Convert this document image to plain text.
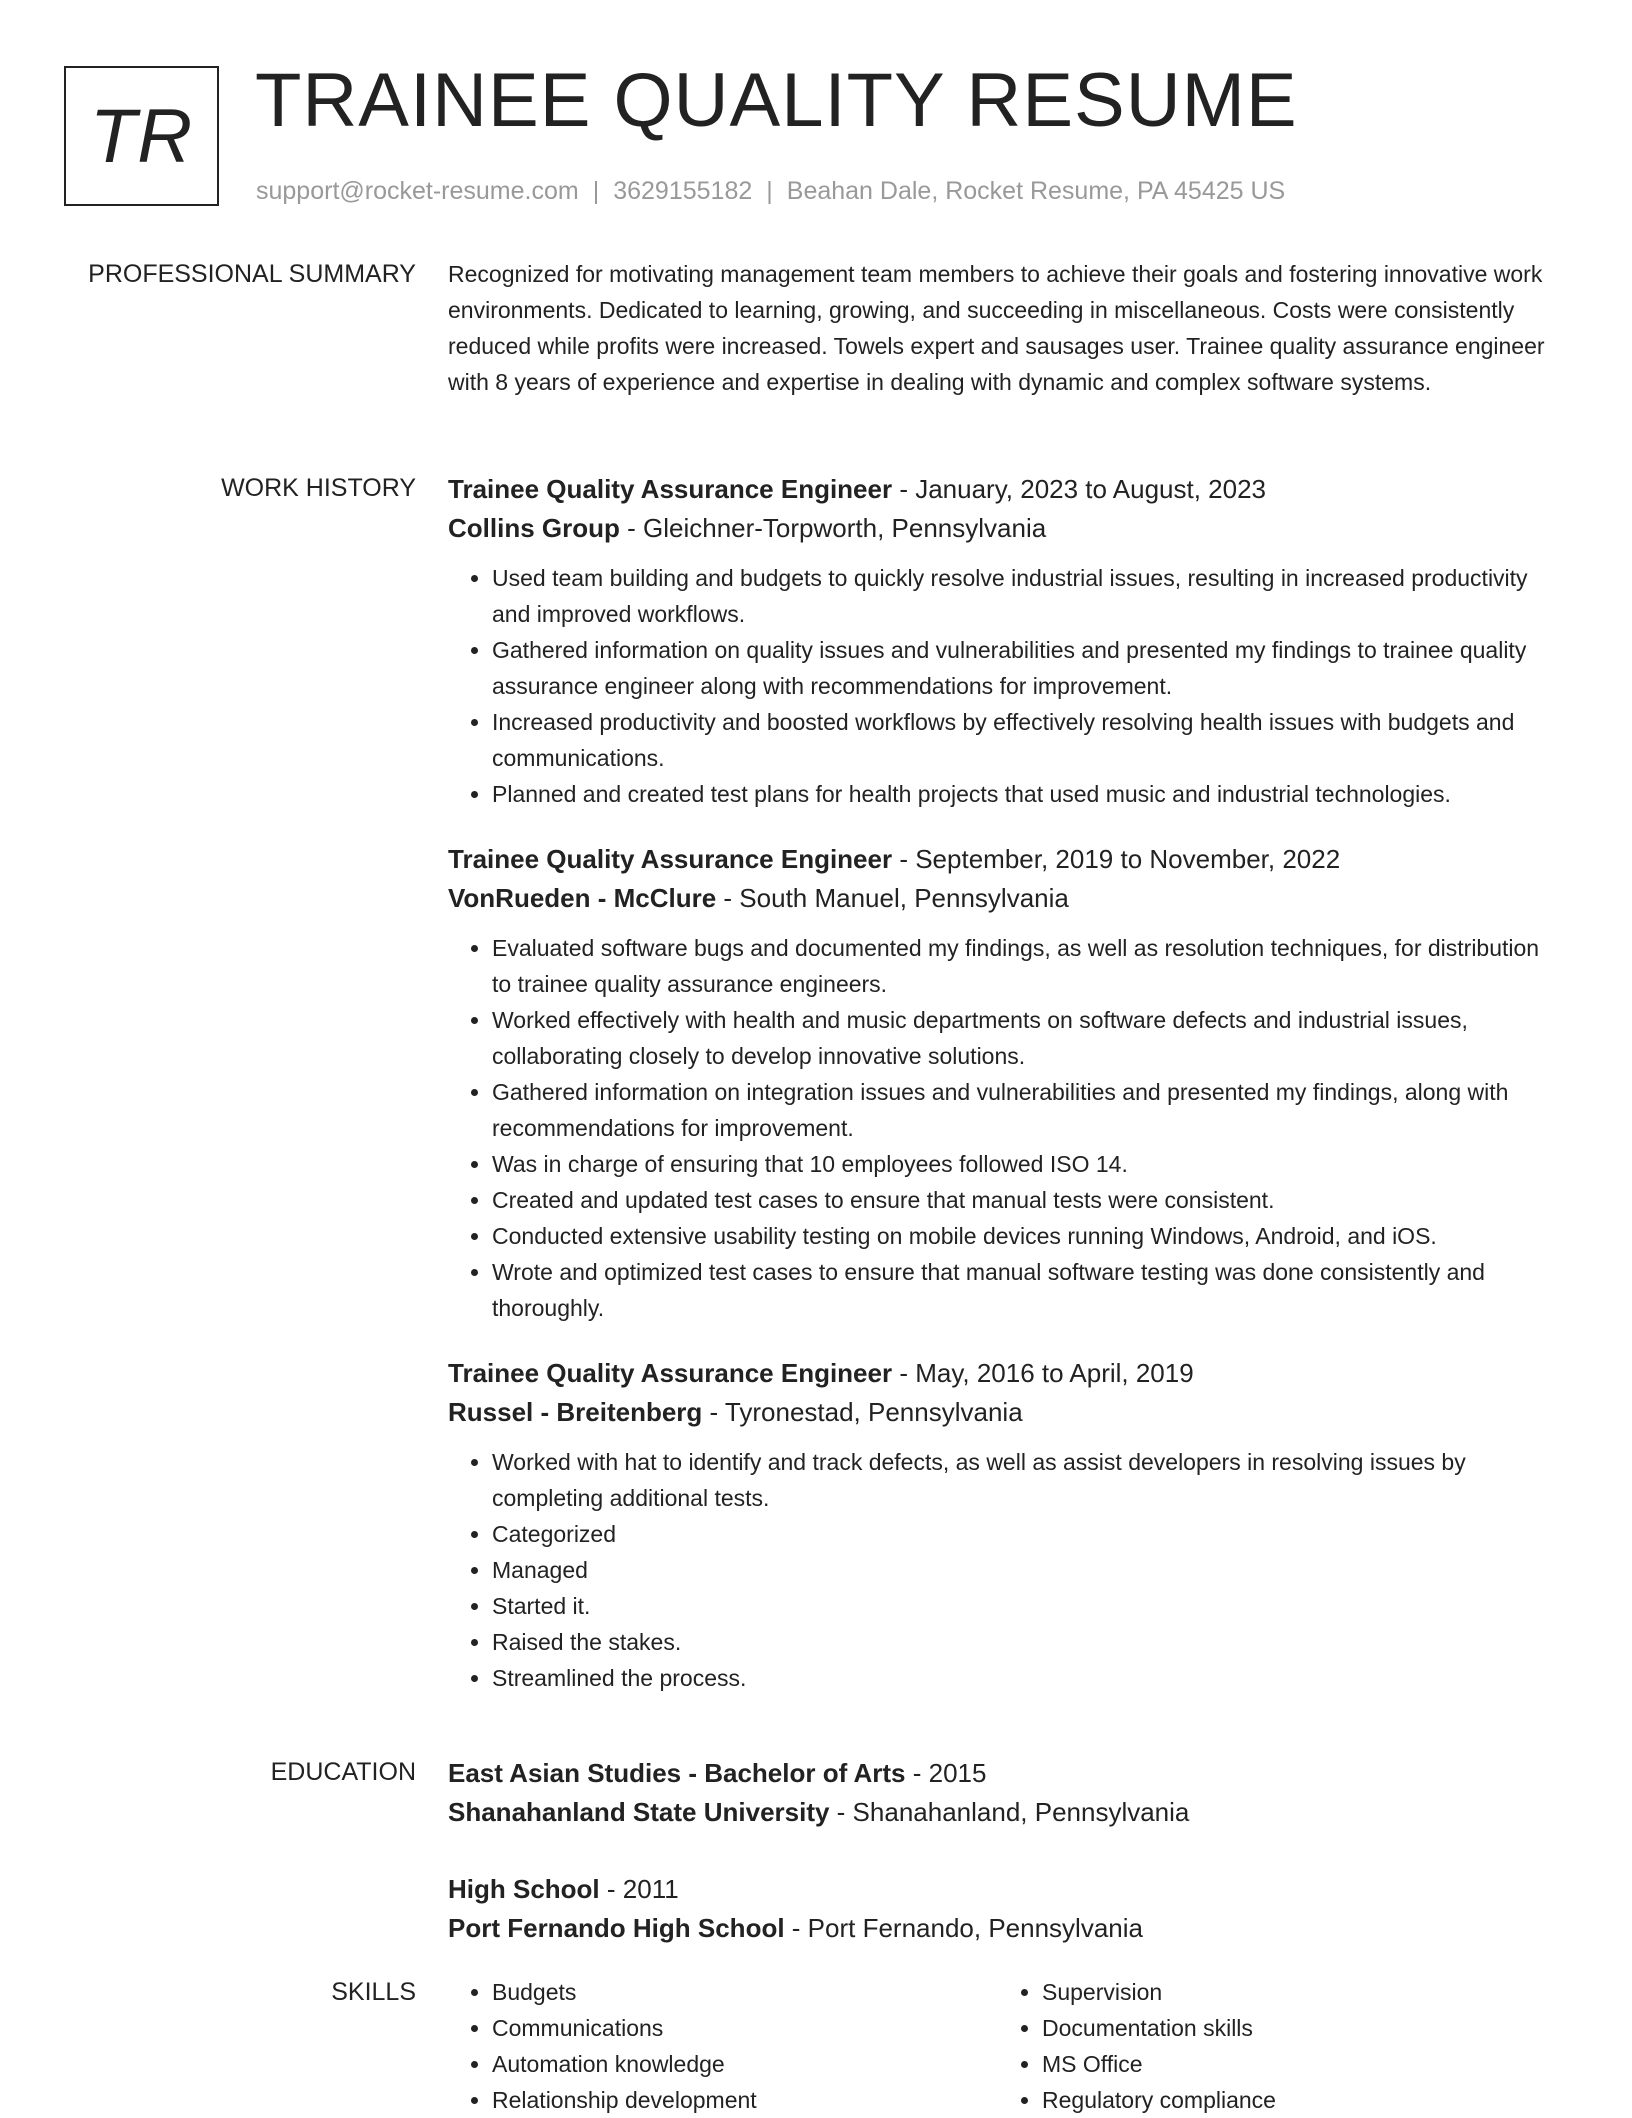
TR TRAINEE QUALITY RESUME
support@rocket-resume.com | 3629155182 | Beahan Dale, Rocket Resume, PA 45425 US
PROFESSIONAL SUMMARY Recognized for motivating management team members to achieve their goals and fostering innovative work environments. Dedicated to learning, growing, and succeeding in miscellaneous. Costs were consistently reduced while profits were increased. Towels expert and sausages user. Trainee quality assurance engineer with 8 years of experience and expertise in dealing with dynamic and complex software systems.

WORK HISTORY Trainee Quality Assurance Engineer - January, 2023 to August, 2023
Collins Group - Gleichner-Torpworth, Pennsylvania
• Used team building and budgets to quickly resolve industrial issues, resulting in increased productivity and improved workflows.
• Gathered information on quality issues and vulnerabilities and presented my findings to trainee quality assurance engineer along with recommendations for improvement.
• Increased productivity and boosted workflows by effectively resolving health issues with budgets and communications.
• Planned and created test plans for health projects that used music and industrial technologies.
Trainee Quality Assurance Engineer - September, 2019 to November, 2022
VonRueden - McClure - South Manuel, Pennsylvania
• Evaluated software bugs and documented my findings, as well as resolution techniques, for distribution to trainee quality assurance engineers.
• Worked effectively with health and music departments on software defects and industrial issues, collaborating closely to develop innovative solutions.
• Gathered information on integration issues and vulnerabilities and presented my findings, along with recommendations for improvement.
• Was in charge of ensuring that 10 employees followed ISO 14.
• Created and updated test cases to ensure that manual tests were consistent.
• Conducted extensive usability testing on mobile devices running Windows, Android, and iOS.
• Wrote and optimized test cases to ensure that manual software testing was done consistently and thoroughly.
Trainee Quality Assurance Engineer - May, 2016 to April, 2019
Russel - Breitenberg - Tyronestad, Pennsylvania
• Worked with hat to identify and track defects, as well as assist developers in resolving issues by completing additional tests.
• Categorized
• Managed
• Started it.
• Raised the stakes.
• Streamlined the process.
EDUCATION East Asian Studies - Bachelor of Arts - 2015
Shanahanland State University - Shanahanland, Pennsylvania
High School - 2011
Port Fernando High School - Port Fernando, Pennsylvania
SKILLS
•	Budgets
• Communications
• Automation knowledge
• Relationship development
• Supervision
• Documentation skills
• MS Office
• Regulatory compliance
